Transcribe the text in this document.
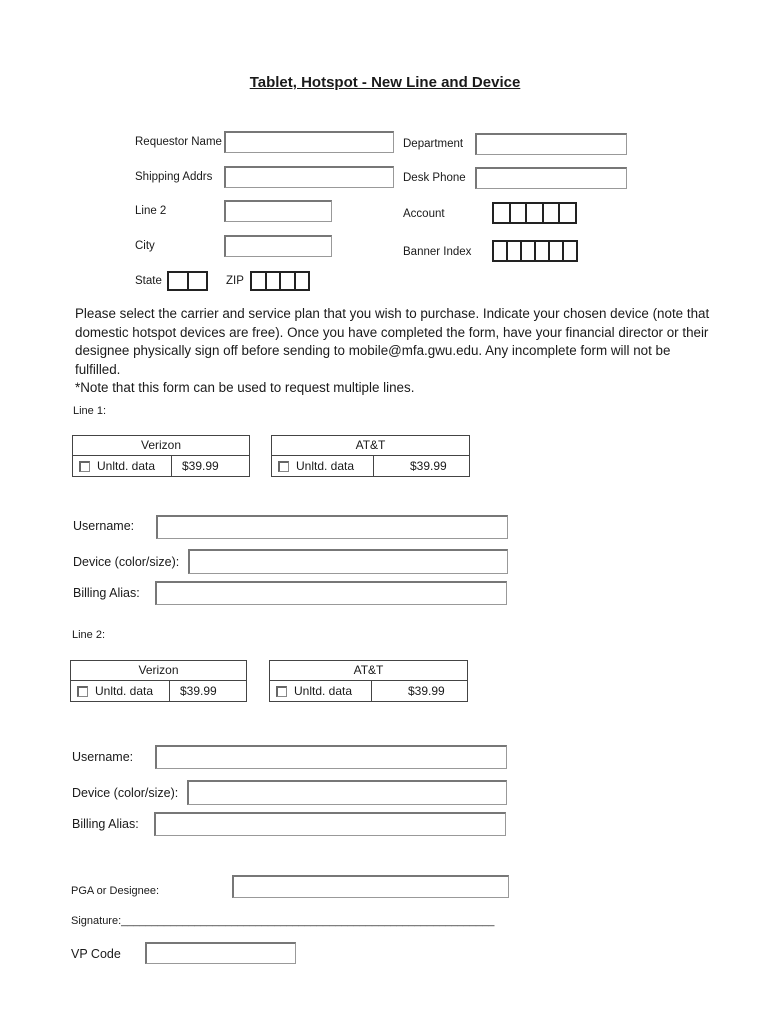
Tablet, Hotspot - New Line and Device
Requestor Name
Shipping Addrs
Line 2
City
State	ZIP
Department
Desk Phone
Account
Banner Index

Please select the carrier and service plan that you wish to purchase. Indicate your chosen device (note that domestic hotspot devices are free). Once you have completed the form, have your financial director or their designee physically sign off before sending to mobile@mfa.gwu.edu. Any incomplete form will not be fulfilled.

*Note that this form can be used to request multiple lines.

Line 1:
Verizon
Unltd. data	$39.99
AT&T
Unltd. data	$39.99
Username:
Device (color/size):
Billing Alias:
Line 2:
Verizon
Unltd. data	$39.99
AT&T
Unltd. data	$39.99
Username:
Device (color/size):
Billing Alias:
PGA or Designee:
Signature:_____________________________________________________________
VP Code
